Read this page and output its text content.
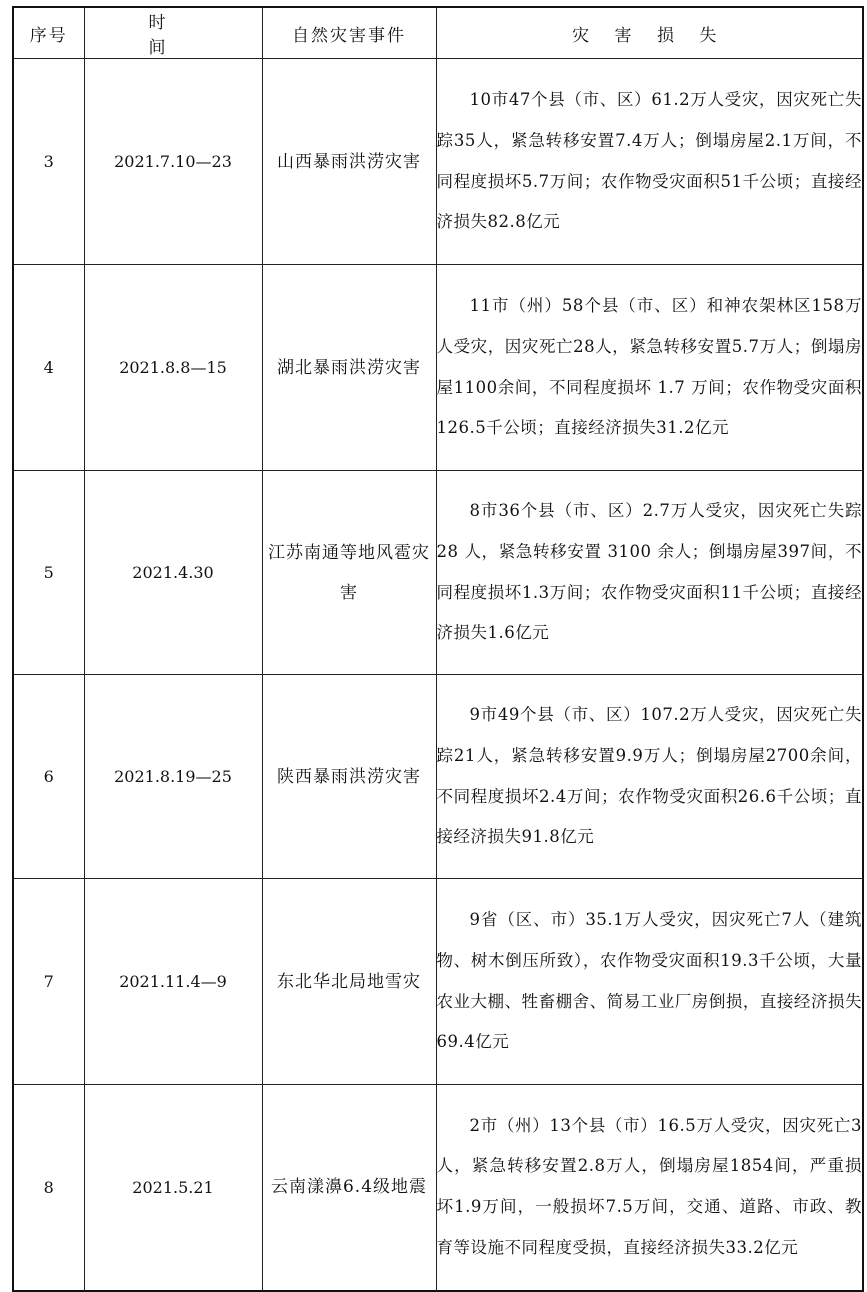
序号	时　　间	自然灾害事件	灾 害 损 失
3	2021.7.10—23	山西暴雨洪涝灾害	10市47个县（市、区）61.2万人受灾，因灾死亡失踪35人，紧急转移安置7.4万人；倒塌房屋2.1万间，不同程度损坏5.7万间；农作物受灾面积51千公顷；直接经济损失82.8亿元
4	2021.8.8—15	湖北暴雨洪涝灾害	11市（州）58个县（市、区）和神农架林区158万人受灾，因灾死亡28人，紧急转移安置5.7万人；倒塌房屋1100余间，不同程度损坏 1.7 万间；农作物受灾面积126.5千公顷；直接经济损失31.2亿元
5	2021.4.30	江苏南通等地风雹灾害	8市36个县（市、区）2.7万人受灾，因灾死亡失踪 28 人，紧急转移安置 3100 余人；倒塌房屋397间，不同程度损坏1.3万间；农作物受灾面积11千公顷；直接经济损失1.6亿元
6	2021.8.19—25	陕西暴雨洪涝灾害	9市49个县（市、区）107.2万人受灾，因灾死亡失踪21人，紧急转移安置9.9万人；倒塌房屋2700余间，不同程度损坏2.4万间；农作物受灾面积26.6千公顷；直接经济损失91.8亿元
7	2021.11.4—9	东北华北局地雪灾	9省（区、市）35.1万人受灾，因灾死亡7人（建筑物、树木倒压所致），农作物受灾面积19.3千公顷，大量农业大棚、牲畜棚舍、简易工业厂房倒损，直接经济损失69.4亿元
8	2021.5.21	云南漾濞6.4级地震	2市（州）13个县（市）16.5万人受灾，因灾死亡3人，紧急转移安置2.8万人，倒塌房屋1854间，严重损坏1.9万间，一般损坏7.5万间，交通、道路、市政、教育等设施不同程度受损，直接经济损失33.2亿元
